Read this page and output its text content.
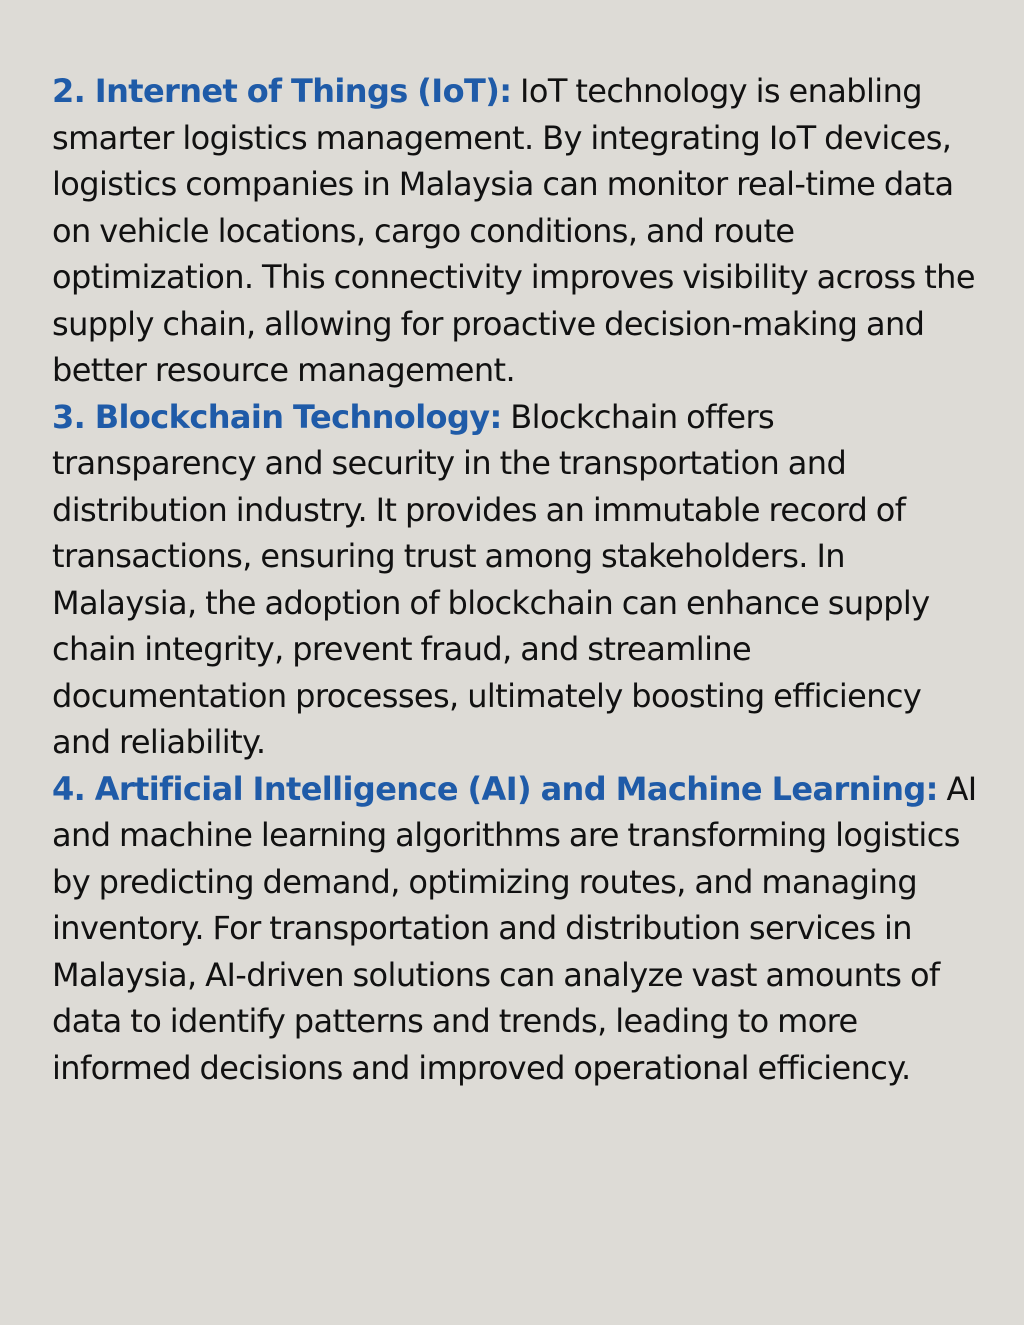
2. Internet of Things (IoT): IoT technology is enabling smarter logistics management. By integrating IoT devices, logistics companies in Malaysia can monitor real-time data on vehicle locations, cargo conditions, and route optimization. This connectivity improves visibility across the supply chain, allowing for proactive decision-making and better resource management.

3. Blockchain Technology: Blockchain offers transparency and security in the transportation and distribution industry. It provides an immutable record of transactions, ensuring trust among stakeholders. In Malaysia, the adoption of blockchain can enhance supply chain integrity, prevent fraud, and streamline documentation processes, ultimately boosting efficiency and reliability.

4. Artificial Intelligence (AI) and Machine Learning: AI and machine learning algorithms are transforming logistics by predicting demand, optimizing routes, and managing inventory. For transportation and distribution services in Malaysia, AI-driven solutions can analyze vast amounts of data to identify patterns and trends, leading to more informed decisions and improved operational efficiency.
